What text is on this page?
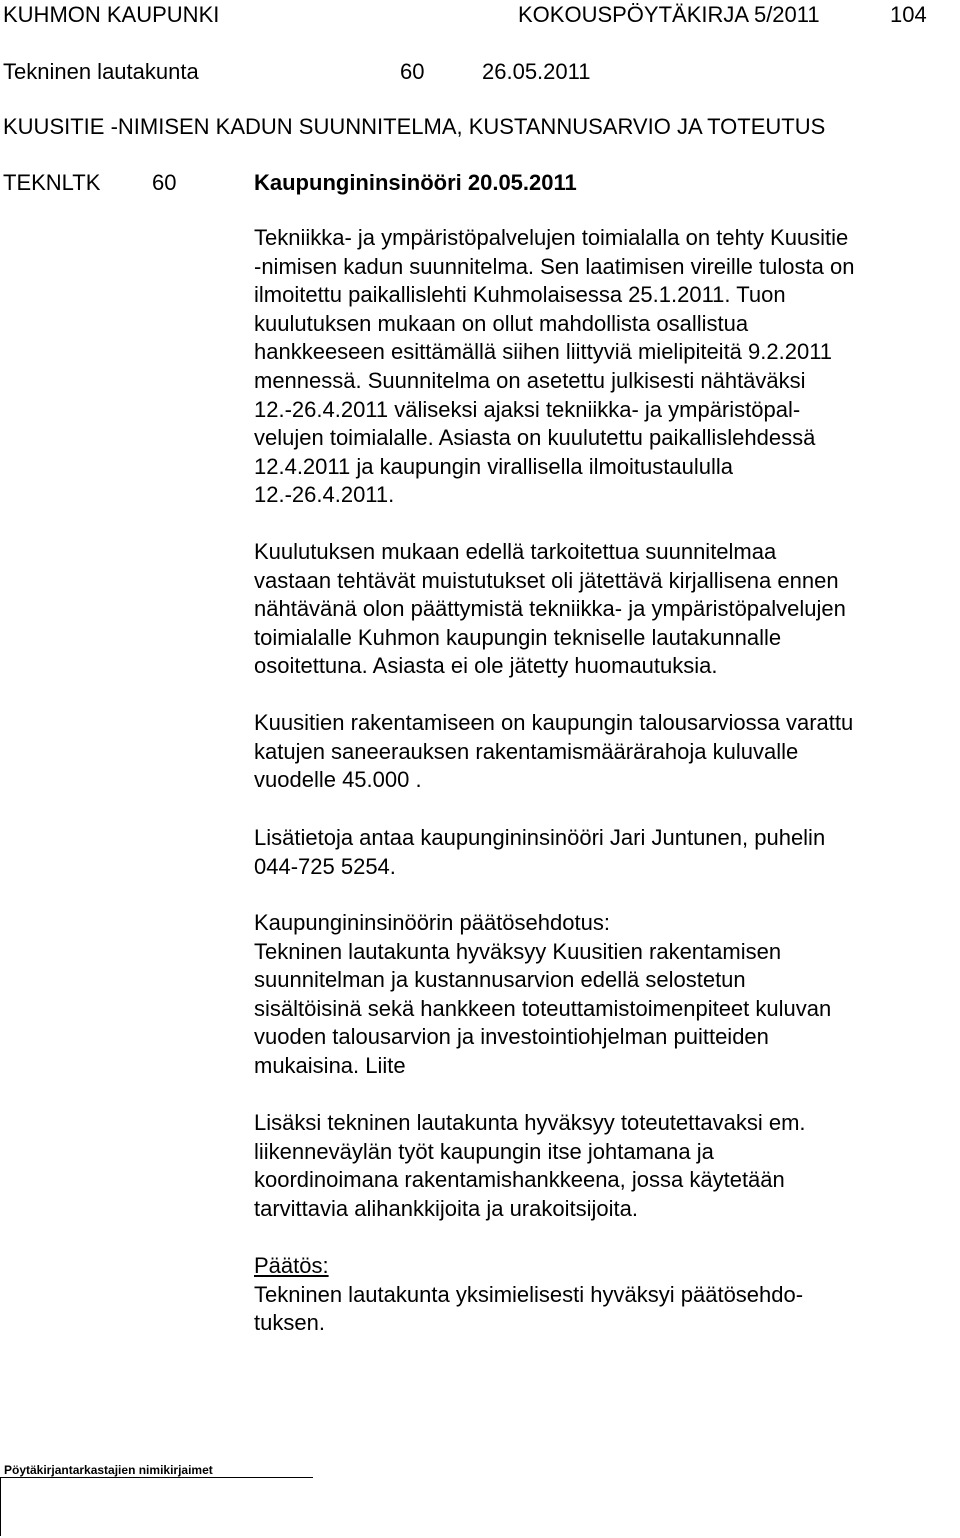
KUHMON KAUPUNKI	KOKOUSPÖYTÄKIRJA 5/2011	104
Tekninen lautakunta	60	26.05.2011
KUUSITIE -NIMISEN KADUN SUUNNITELMA, KUSTANNUSARVIO JA TOTEUTUS
TEKNLTK 60	Kaupungininsinööri 20.05.2011
Tekniikka- ja ympäristöpalvelujen toimialalla on tehty Kuusitie
-nimisen kadun suunnitelma. Sen laatimisen vireille tulosta on
ilmoitettu paikallislehti Kuhmolaisessa 25.1.2011. Tuon
kuulutuksen mukaan on ollut mahdollista osallistua
hankkeeseen esittämällä siihen liittyviä mielipiteitä 9.2.2011
mennessä. Suunnitelma on asetettu julkisesti nähtäväksi
12.-26.4.2011 väliseksi ajaksi tekniikka- ja ympäristöpal-
velujen toimialalle. Asiasta on kuulutettu paikallislehdessä
12.4.2011 ja kaupungin virallisella ilmoitustaululla
12.-26.4.2011.
Kuulutuksen mukaan edellä tarkoitettua suunnitelmaa
vastaan tehtävät muistutukset oli jätettävä kirjallisena ennen
nähtävänä olon päättymistä tekniikka- ja ympäristöpalvelujen
toimialalle Kuhmon kaupungin tekniselle lautakunnalle
osoitettuna. Asiasta ei ole jätetty huomautuksia.
Kuusitien rakentamiseen on kaupungin talousarviossa varattu
katujen saneerauksen rakentamismäärärahoja kuluvalle
vuodelle 45.000 .
Lisätietoja antaa kaupungininsinööri Jari Juntunen, puhelin
044-725 5254.
Kaupungininsinöörin päätösehdotus:
Tekninen lautakunta hyväksyy Kuusitien rakentamisen
suunnitelman ja kustannusarvion edellä selostetun
sisältöisinä sekä hankkeen toteuttamistoimenpiteet kuluvan
vuoden talousarvion ja investointiohjelman puitteiden
mukaisina. Liite
Lisäksi tekninen lautakunta hyväksyy toteutettavaksi em.
liikenneväylän työt kaupungin itse johtamana ja
koordinoimana rakentamishankkeena, jossa käytetään
tarvittavia alihankkijoita ja urakoitsijoita.
Päätös:
Tekninen lautakunta yksimielisesti hyväksyi päätösehdo-
tuksen.
Pöytäkirjantarkastajien nimikirjaimet
